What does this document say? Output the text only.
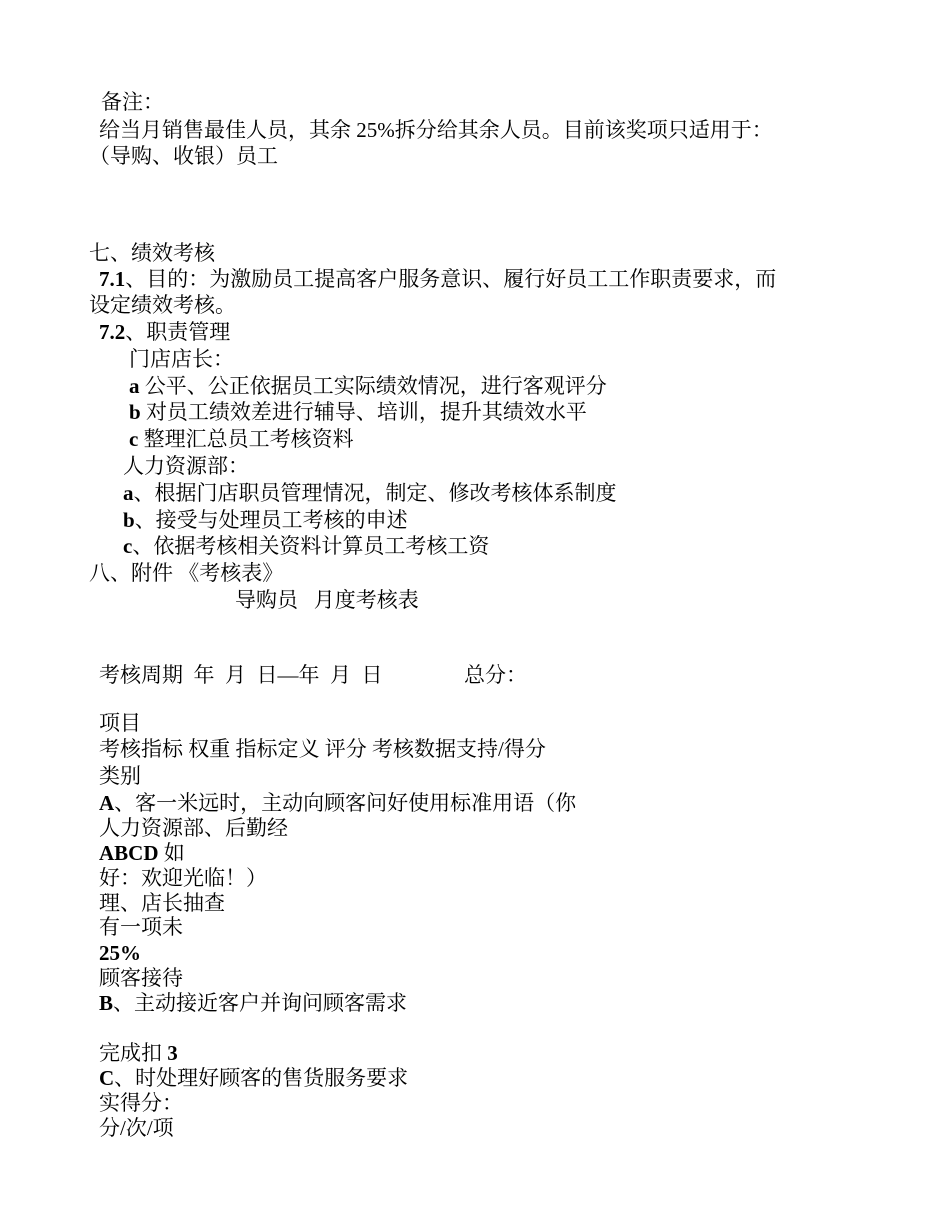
备注：
给当月销售最佳人员，其余 25%拆分给其余人员。目前该奖项只适用于：
（导购、收银）员工
七、绩效考核
7.1、目的：为激励员工提高客户服务意识、履行好员工工作职责要求，而
设定绩效考核。
7.2、职责管理
门店店长：
a 公平、公正依据员工实际绩效情况，进行客观评分
b 对员工绩效差进行辅导、培训，提升其绩效水平
c 整理汇总员工考核资料
人力资源部：
a、根据门店职员管理情况，制定、修改考核体系制度
b、接受与处理员工考核的申述
c、依据考核相关资料计算员工考核工资
八、附件 《考核表》
导购员   月度考核表
考核周期  年  月  日—年  月  日	总分：
项目
考核指标 权重 指标定义 评分 考核数据支持/得分
类别
A、客一米远时，主动向顾客问好使用标准用语（你
人力资源部、后勤经
ABCD 如
好：欢迎光临！）
理、店长抽查
有一项未
25%
顾客接待
B、主动接近客户并询问顾客需求
完成扣 3
C、时处理好顾客的售货服务要求
实得分：
分/次/项
